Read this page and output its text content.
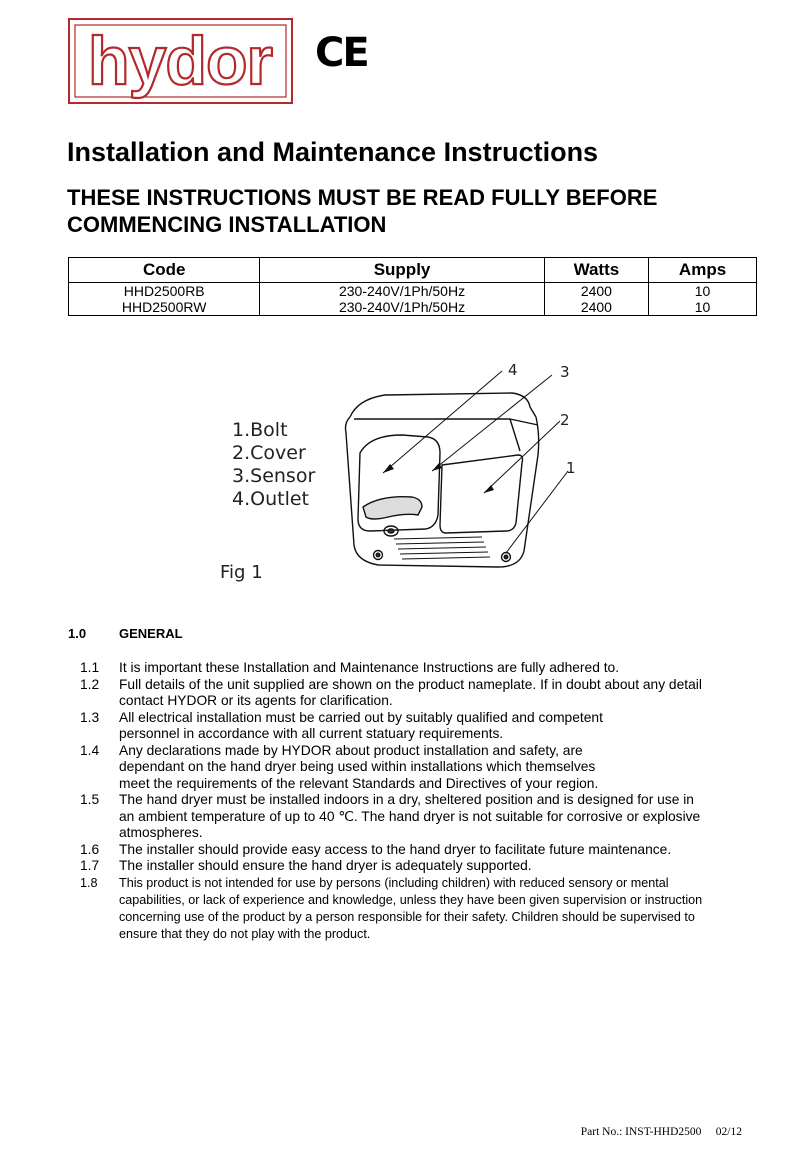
hydor CE
Installation and Maintenance Instructions
THESE INSTRUCTIONS MUST BE READ FULLY BEFORE COMMENCING INSTALLATION
Code	Supply	Watts	Amps
HHD2500RB	230-240V/1Ph/50Hz	2400	10
HHD2500RW	230-240V/1Ph/50Hz	2400	10
1.Bolt
2.Cover
3.Sensor
4.Outlet
Fig 1
4	3
2
1
1.0	GENERAL
1.1	It is important these Installation and Maintenance Instructions are fully adhered to.
1.2	Full details of the unit supplied are shown on the product nameplate. If in doubt about any detail
contact HYDOR or its agents for clarification.
1.3	All electrical installation must be carried out by suitably qualified and competent
personnel in accordance with all current statuary requirements.
1.4	Any declarations made by HYDOR about product installation and safety, are
dependant on the hand dryer being used within installations which themselves
meet the requirements of the relevant Standards and Directives of your region.
1.5	The hand dryer must be installed indoors in a dry, sheltered position and is designed for use in
an ambient temperature of up to 40 ℃. The hand dryer is not suitable for corrosive or explosive
atmospheres.
1.6	The installer should provide easy access to the hand dryer to facilitate future maintenance.
1.7	The installer should ensure the hand dryer is adequately supported.
1.8	This product is not intended for use by persons (including children) with reduced sensory or mental
capabilities, or lack of experience and knowledge, unless they have been given supervision or instruction
concerning use of the product by a person responsible for their safety. Children should be supervised to
ensure that they do not play with the product.
Part No.: INST-HHD2500 02/12
